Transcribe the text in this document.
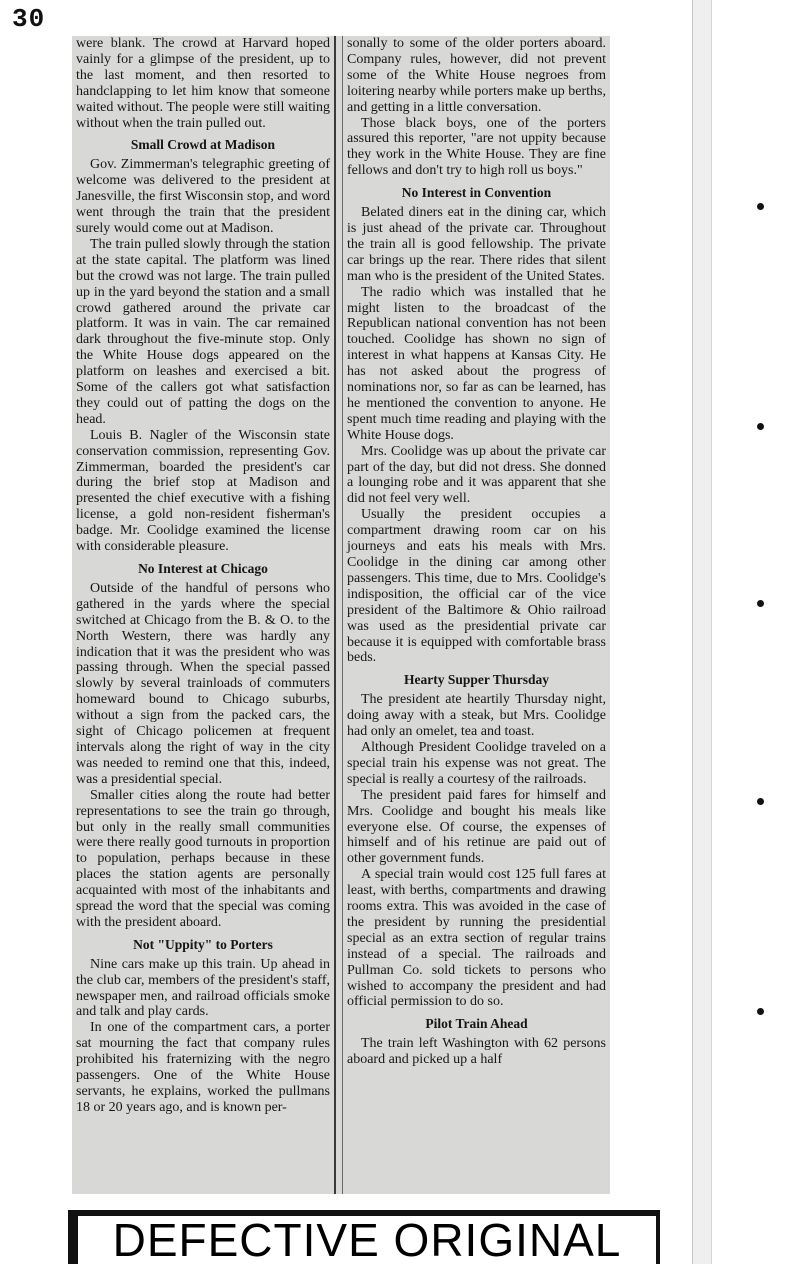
30

were blank. The crowd at Harvard hoped vainly for a glimpse of the president, up to the last moment, and then resorted to handclapping to let him know that someone waited without. The people were still waiting without when the train pulled out.

Small Crowd at Madison

Gov. Zimmerman's telegraphic greeting of welcome was delivered to the president at Janesville, the first Wisconsin stop, and word went through the train that the president surely would come out at Madison.

The train pulled slowly through the station at the state capital. The platform was lined but the crowd was not large. The train pulled up in the yard beyond the station and a small crowd gathered around the private car platform. It was in vain. The car remained dark throughout the five-minute stop. Only the White House dogs appeared on the platform on leashes and exercised a bit. Some of the callers got what satisfaction they could out of patting the dogs on the head.

Louis B. Nagler of the Wisconsin state conservation commission, representing Gov. Zimmerman, boarded the president's car during the brief stop at Madison and presented the chief executive with a fishing license, a gold non-resident fisherman's badge. Mr. Coolidge examined the license with considerable pleasure.

No Interest at Chicago

Outside of the handful of persons who gathered in the yards where the special switched at Chicago from the B. & O. to the North Western, there was hardly any indication that it was the president who was passing through. When the special passed slowly by several trainloads of commuters homeward bound to Chicago suburbs, without a sign from the packed cars, the sight of Chicago policemen at frequent intervals along the right of way in the city was needed to remind one that this, indeed, was a presidential special.

Smaller cities along the route had better representations to see the train go through, but only in the really small communities were there really good turnouts in proportion to population, perhaps because in these places the station agents are personally acquainted with most of the inhabitants and spread the word that the special was coming with the president aboard.

Not "Uppity" to Porters

Nine cars make up this train. Up ahead in the club car, members of the president's staff, newspaper men, and railroad officials smoke and talk and play cards.

In one of the compartment cars, a porter sat mourning the fact that company rules prohibited his fraternizing with the negro passengers. One of the White House servants, he explains, worked the pullmans 18 or 20 years ago, and is known per-

sonally to some of the older porters aboard. Company rules, however, did not prevent some of the White House negroes from loitering nearby while porters make up berths, and getting in a little conversation.

Those black boys, one of the porters assured this reporter, "are not uppity because they work in the White House. They are fine fellows and don't try to high roll us boys."

No Interest in Convention

Belated diners eat in the dining car, which is just ahead of the private car. Throughout the train all is good fellowship. The private car brings up the rear. There rides that silent man who is the president of the United States.

The radio which was installed that he might listen to the broadcast of the Republican national convention has not been touched. Coolidge has shown no sign of interest in what happens at Kansas City. He has not asked about the progress of nominations nor, so far as can be learned, has he mentioned the convention to anyone. He spent much time reading and playing with the White House dogs.

Mrs. Coolidge was up about the private car part of the day, but did not dress. She donned a lounging robe and it was apparent that she did not feel very well.

Usually the president occupies a compartment drawing room car on his journeys and eats his meals with Mrs. Coolidge in the dining car among other passengers. This time, due to Mrs. Coolidge's indisposition, the official car of the vice president of the Baltimore & Ohio railroad was used as the presidential private car because it is equipped with comfortable brass beds.

Hearty Supper Thursday

The president ate heartily Thursday night, doing away with a steak, but Mrs. Coolidge had only an omelet, tea and toast.

Although President Coolidge traveled on a special train his expense was not great. The special is really a courtesy of the railroads.

The president paid fares for himself and Mrs. Coolidge and bought his meals like everyone else. Of course, the expenses of himself and of his retinue are paid out of other government funds.

A special train would cost 125 full fares at least, with berths, compartments and drawing rooms extra. This was avoided in the case of the president by running the presidential special as an extra section of regular trains instead of a special. The railroads and Pullman Co. sold tickets to persons who wished to accompany the president and had official permission to do so.

Pilot Train Ahead

The train left Washington with 62 persons aboard and picked up a half

DEFECTIVE ORIGINAL
